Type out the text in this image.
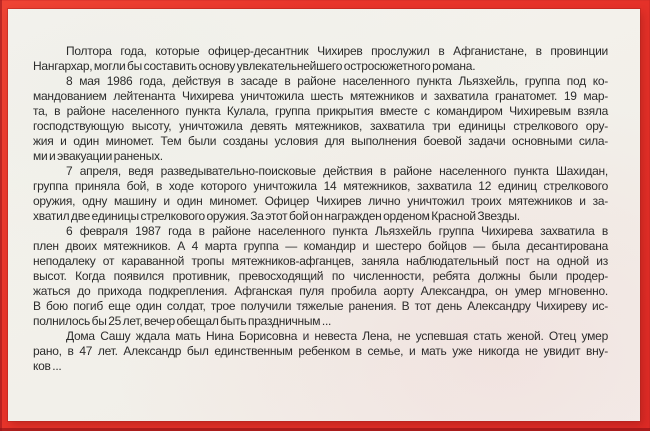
Полтора года, которые офицер-десантник Чихирев прослужил в Афганистане, в провинции
Нангархар, могли бы составить основу увлекательнейшего остросюжетного романа.
8 мая 1986 года, действуя в засаде в районе населенного пункта Льязхейль, группа под ко-
мандованием лейтенанта Чихирева уничтожила шесть мятежников и захватила гранатомет. 19 мар-
та, в районе населенного пункта Кулала, группа прикрытия вместе с командиром Чихиревым взяла
господствующую высоту, уничтожила девять мятежников, захватила три единицы стрелкового ору-
жия и один миномет. Тем были созданы условия для выполнения боевой задачи основными сила-
ми и эвакуации раненых.
7 апреля, ведя разведывательно-поисковые действия в районе населенного пункта Шахидан,
группа приняла бой, в ходе которого уничтожила 14 мятежников, захватила 12 единиц стрелкового
оружия, одну машину и один миномет. Офицер Чихирев лично уничтожил троих мятежников и за-
хватил две единицы стрелкового оружия. За этот бой он награжден орденом Красной Звезды.
6 февраля 1987 года в районе населенного пункта Льязхейль группа Чихирева захватила в
плен двоих мятежников. А 4 марта группа — командир и шестеро бойцов — была десантирована
неподалеку от караванной тропы мятежников-афганцев, заняла наблюдательный пост на одной из
высот. Когда появился противник, превосходящий по численности, ребята должны были продер-
жаться до прихода подкрепления. Афганская пуля пробила аорту Александра, он умер мгновенно.
В бою погиб еще один солдат, трое получили тяжелые ранения. В тот день Александру Чихиреву ис-
полнилось бы 25 лет, вечер обещал быть праздничным ...
Дома Сашу ждала мать Нина Борисовна и невеста Лена, не успевшая стать женой. Отец умер
рано, в 47 лет. Александр был единственным ребенком в семье, и мать уже никогда не увидит вну-
ков ...
